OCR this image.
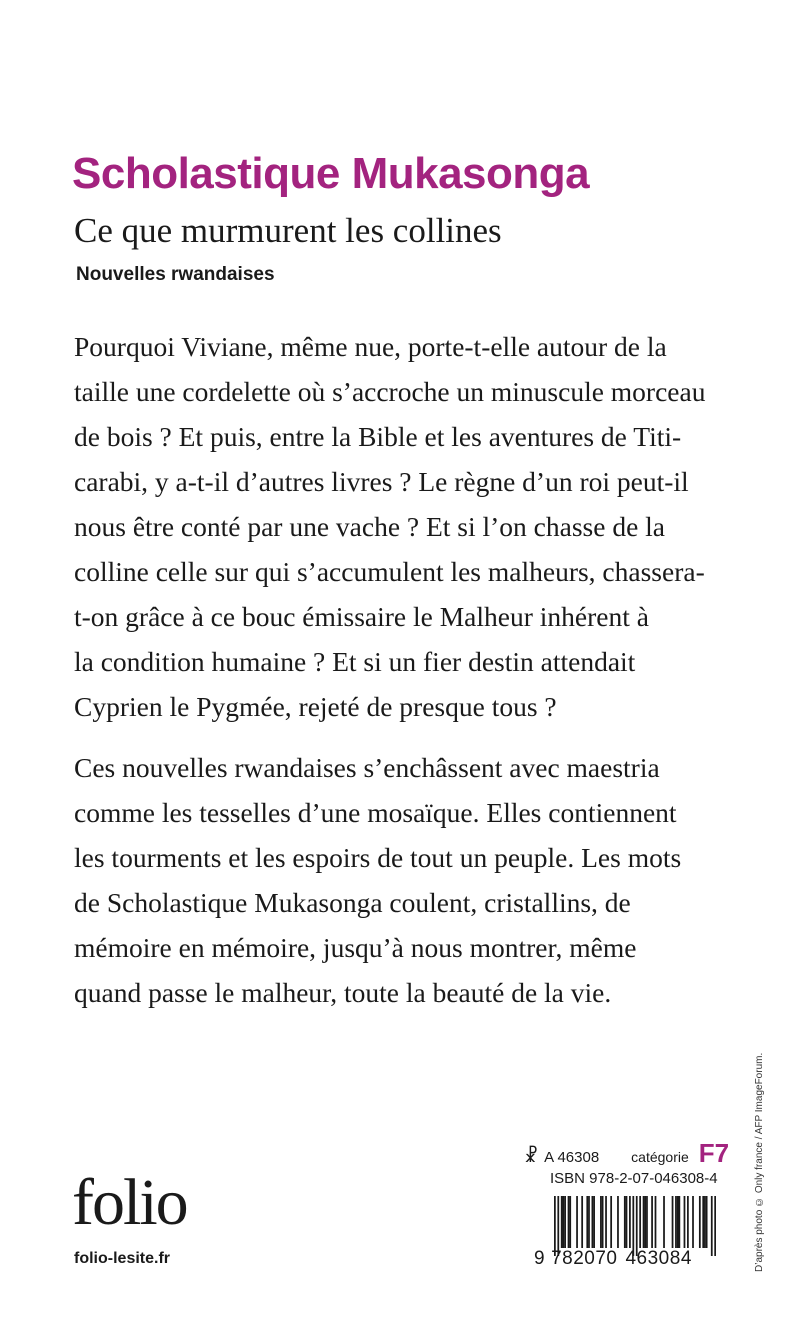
Scholastique Mukasonga
Ce que murmurent les collines
Nouvelles rwandaises

Pourquoi Viviane, même nue, porte-t-elle autour de la
taille une cordelette où s’accroche un minuscule morceau
de bois ? Et puis, entre la Bible et les aventures de Titi-
carabi, y a-t-il d’autres livres ? Le règne d’un roi peut-il
nous être conté par une vache ? Et si l’on chasse de la
colline celle sur qui s’accumulent les malheurs, chassera-
t-on grâce à ce bouc émissaire le Malheur inhérent à
la condition humaine ? Et si un fier destin attendait
Cyprien le Pygmée, rejeté de presque tous ?

Ces nouvelles rwandaises s’enchâssent avec maestria
comme les tesselles d’une mosaïque. Elles contiennent
les tourments et les espoirs de tout un peuple. Les mots
de Scholastique Mukasonga coulent, cristallins, de
mémoire en mémoire, jusqu’à nous montrer, même
quand passe le malheur, toute la beauté de la vie.

D’après photo © Only france / AFP ImageForum.
folio
folio-lesite.fr
☧ A 46308 catégorie F7
ISBN 978-2-07-046308-4
9 782070 463084
